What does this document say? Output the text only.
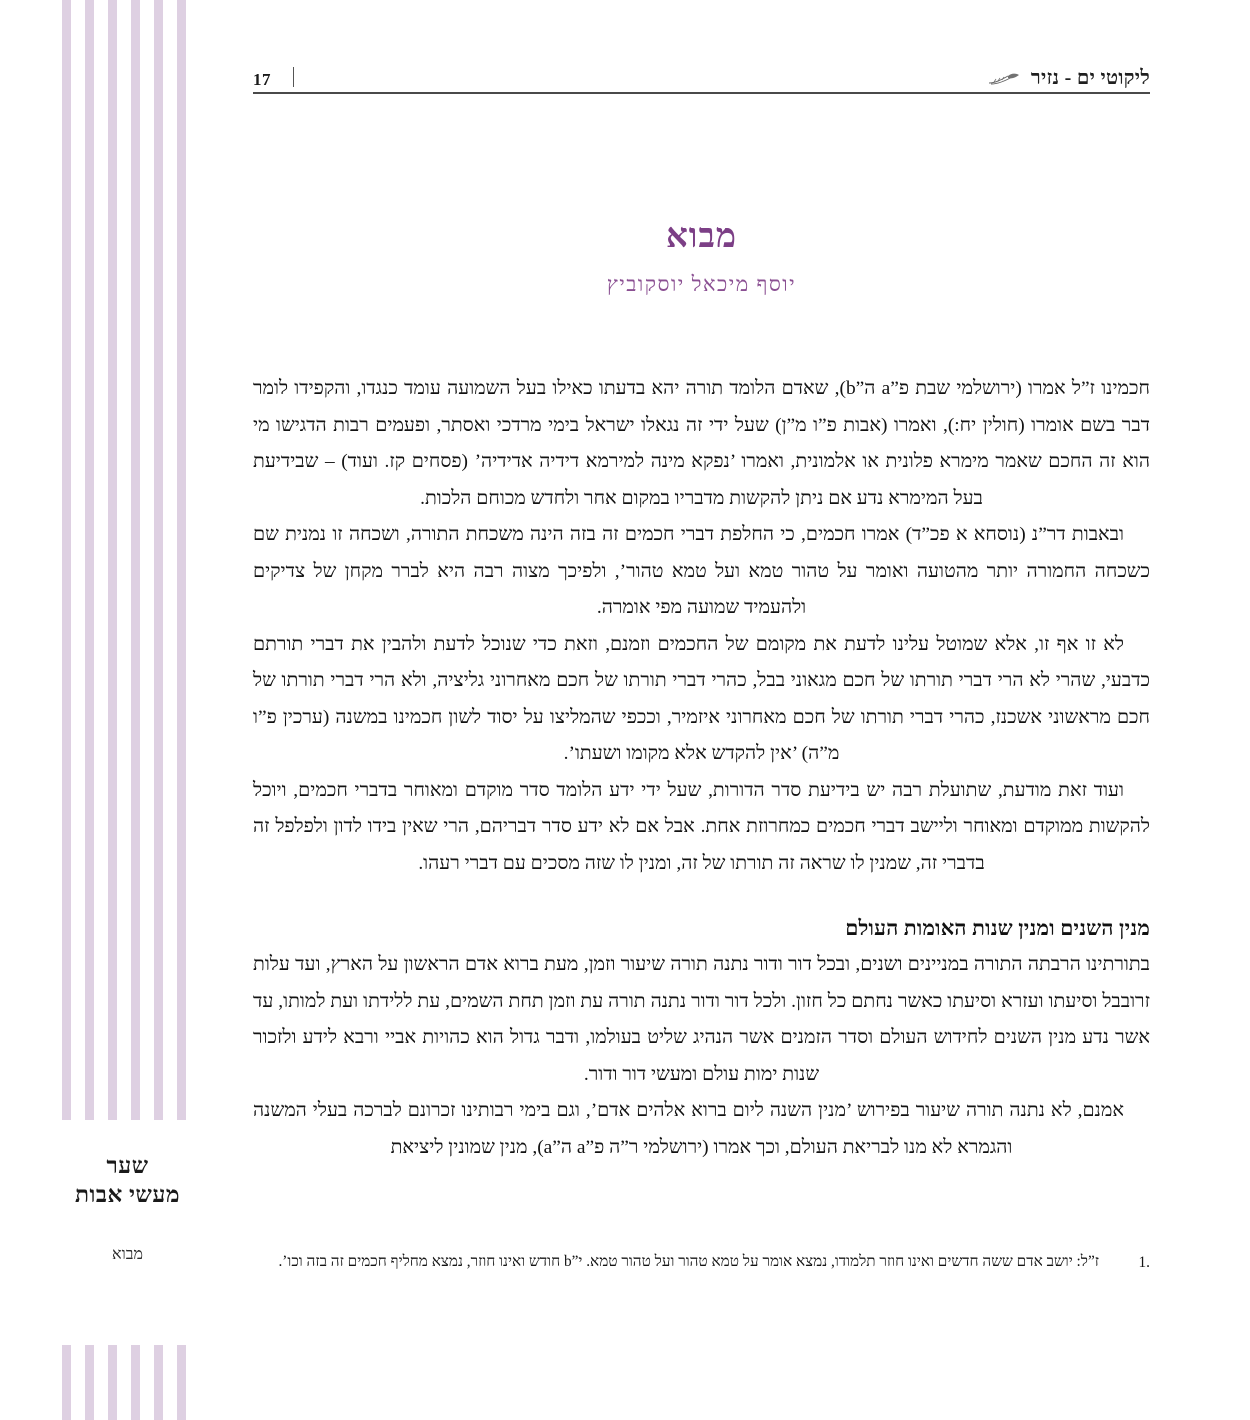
17	ליקוטי ים - נזיר
שער
מעשי אבות
מבוא
מבוא
יוסף מיכאל יוסקוביץ

חכמינו ז”ל אמרו (ירושלמי שבת פ”a ה”b), שאדם הלומד תורה יהא בדעתו כאילו בעל השמועה עומד כנגדו, והקפידו לומר דבר בשם אומרו (חולין יח:), ואמרו (אבות פ”ו מ”ן) שעל ידי זה נגאלו ישראל בימי מרדכי ואסתר, ופעמים רבות הדגישו מי הוא זה החכם שאמר מימרא פלונית או אלמונית, ואמרו ’נפקא מינה למירמא דידיה אדידיה’ (פסחים קז. ועוד) – שבידיעת בעל המימרא נדע אם ניתן להקשות מדבריו במקום אחר ולחדש מכוחם הלכות.

ובאבות דר”נ (נוסחא א פכ”ד) אמרו חכמים, כי החלפת דברי חכמים זה בזה הינה משכחת התורה, ושכחה זו נמנית שם כשכחה החמורה יותר מהטועה ואומר על טהור טמא ועל טמא טהור’, ולפיכך מצוה רבה היא לברר מקחן של צדיקים ולהעמיד שמועה מפי אומרה.

לא זו אף זו, אלא שמוטל עלינו לדעת את מקומם של החכמים וזמנם, וזאת כדי שנוכל לדעת ולהבין את דברי תורתם כדבעי, שהרי לא הרי דברי תורתו של חכם מגאוני בבל, כהרי דברי תורתו של חכם מאחרוני גליציה, ולא הרי דברי תורתו של חכם מראשוני אשכנז, כהרי דברי תורתו של חכם מאחרוני איזמיר, וככפי שהמליצו על יסוד לשון חכמינו במשנה (ערכין פ”ו מ”ה) ’אין להקדש אלא מקומו ושעתו’.

ועוד זאת מודעת, שתועלת רבה יש בידיעת סדר הדורות, שעל ידי ידע הלומד סדר מוקדם ומאוחר בדברי חכמים, ויוכל להקשות ממוקדם ומאוחר וליישב דברי חכמים כמחרוזת אחת. אבל אם לא ידע סדר דבריהם, הרי שאין בידו לדון ולפלפל זה בדברי זה, שמנין לו שראה זה תורתו של זה, ומנין לו שזה מסכים עם דברי רעהו.

מנין השנים ומנין שנות האומות העולם

בתורתינו הרבתה התורה במניינים ושנים, ובכל דור ודור נתנה תורה שיעור וזמן, מעת ברוא אדם הראשון על הארץ, ועד עלות זרובבל וסיעתו ועזרא וסיעתו כאשר נחתם כל חזון. ולכל דור ודור נתנה תורה עת וזמן תחת השמים, עת ללידתו ועת למותו, עד אשר נדע מנין השנים לחידוש העולם וסדר הזמנים אשר הנהיג שליט בעולמו, ודבר גדול הוא כהויות אביי ורבא לידע ולזכור שנות ימות עולם ומעשי דור ודור.

אמנם, לא נתנה תורה שיעור בפירוש ’מנין השנה ליום ברוא אלהים אדם’, וגם בימי רבותינו זכרונם לברכה בעלי המשנה והגמרא לא מנו לבריאת העולם, וכך אמרו (ירושלמי ר”ה פ”a ה”a), מנין שמונין ליציאת

1.
ז”ל: יושב אדם ששה חדשים ואינו חוזר תלמודו, נמצא אומר על טמא טהור ועל טהור טמא. י”b חודש ואינו חוזר, נמצא מחליף חכמים זה בזה וכו’.
